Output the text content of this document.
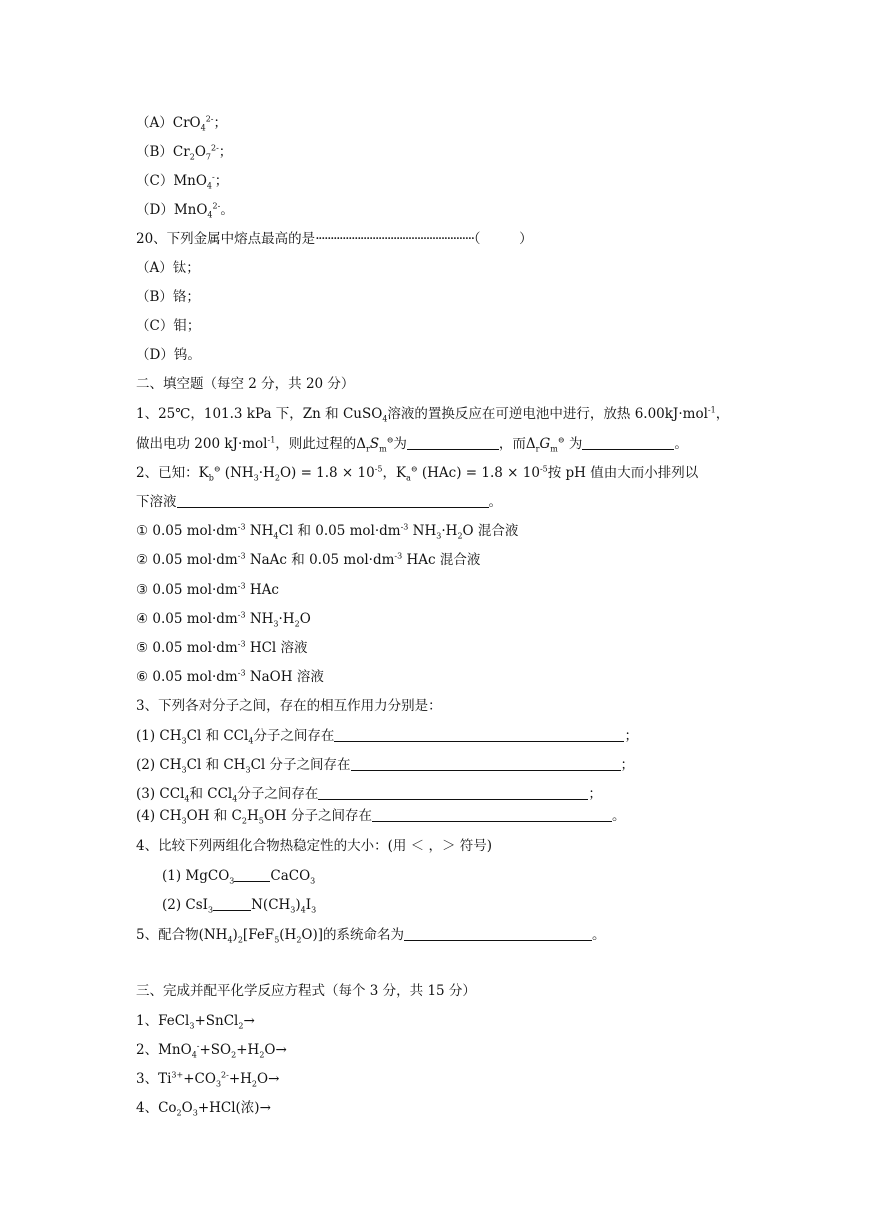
（A）CrO$_4^{2-}$；
$(B)Cr_2O_7^{2-}$；
（C）MnO$_4$-；
（D）MnO$_4^{2-}$。
20、下列金属中熔点最高的是·····················································（         ）
（A）钛；
（B）铬；
（C）钼；
（D）钨。
二、填空题（每空 2 分，共 20 分）
1、25℃，101.3 kPa 下，Zn 和 CuSO$_4$溶液的置换反应在可逆电池中进行，放热 6.00kJ·mol$^{-1}$，
做出电功 200 kJ·mol$^{-1}$，则此过程的$\Delta_rS_m^⊖$为	，而$\Delta_rG_m^⊖$ 为	。
2、已知：$K_b^⊖$ $(NH_3\cdot H_2O) = 1.8 \times 10^{-5}$，$K_a^⊖$ $(HAc) = 1.8 \times 10^{-5}$按 pH 值由大而小排列以
下溶液	。
① 0.05 $mol\cdot dm^{-3}$ $NH_4Cl$ 和 0.05 $mol\cdot dm^{-3}$ $NH_3\cdot H_2O$ 混合液
② 0.05 $mol\cdot dm^{-3}$ NaAc 和 0.05 $mol\cdot dm^{-3}$ HAc 混合液
③ 0.05 $mol\cdot dm^{-3}$ HAc
④ 0.05 $mol\cdot dm^{-3}$ $NH_3\cdot H_2O$
⑤ 0.05 $mol\cdot dm^{-3}$ HCl 溶液
⑥ 0.05 $mol\cdot dm^{-3}$ NaOH 溶液
3、下列各对分子之间，存在的相互作用力分别是：
(1) $CH_3Cl$ 和 CCl$_4$分子之间存在	；
(2) $CH_3Cl$ 和 $CH_3Cl$ 分子之间存在	；
(3) CCl$_4$和 CCl$_4$分子之间存在	；
(4) $CH_3OH$ 和 $C_2H_5OH$ 分子之间存在	。
4、比较下列两组化合物热稳定性的大小：(用 ＜ ，＞ 符号)
(1) MgCO$_3$	CaCO$_3$
(2) CsI$_3$	$N(CH_3)_4I_3$
5、配合物$(NH_4)_2[FeF_5(H_2O)]$的系统命名为	。
三、完成并配平化学反应方程式（每个 3 分，共 15 分）
1、FeCl$_3$+SnCl$_2$→
2、$MnO_4^-+SO_2+H_2O\to$
3、$Ti^{3+}+CO_3^{2-}+H_2O\to$
4、$Co_2O_3+HCl$(浓)→
